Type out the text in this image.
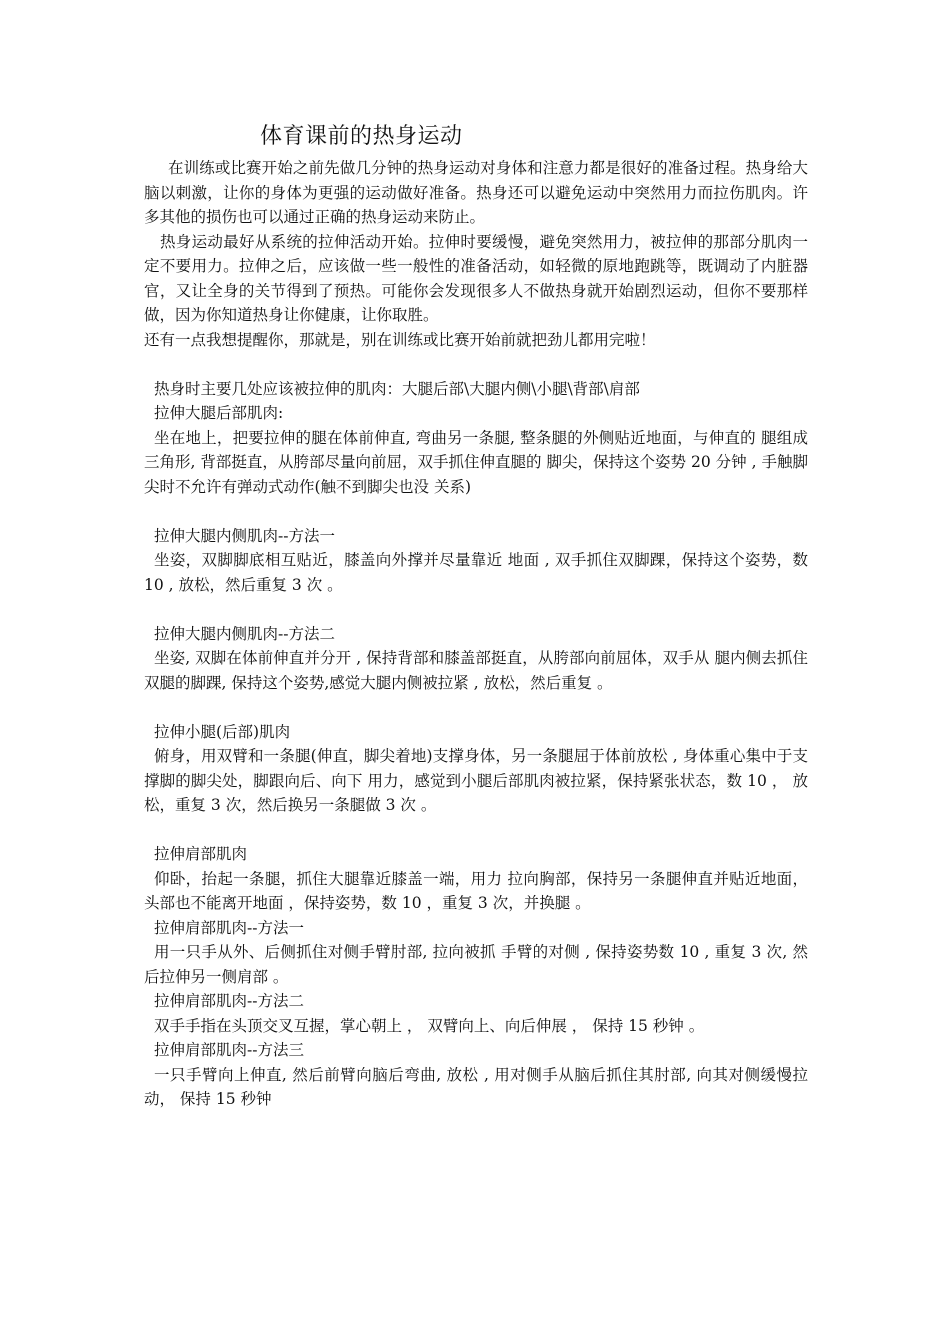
体育课前的热身运动

在训练或比赛开始之前先做几分钟的热身运动对身体和注意力都是很好的准备过程。热身给大脑以刺激，让你的身体为更强的运动做好准备。热身还可以避免运动中突然用力而拉伤肌肉。许多其他的损伤也可以通过正确的热身运动来防止。

热身运动最好从系统的拉伸活动开始。拉伸时要缓慢，避免突然用力，被拉伸的那部分肌肉一定不要用力。拉伸之后，应该做一些一般性的准备活动，如轻微的原地跑跳等，既调动了内脏器官，又让全身的关节得到了预热。可能你会发现很多人不做热身就开始剧烈运动，但你不要那样做，因为你知道热身让你健康，让你取胜。

还有一点我想提醒你，那就是，别在训练或比赛开始前就把劲儿都用完啦！

热身时主要几处应该被拉伸的肌肉：大腿后部\大腿内侧\小腿\背部\肩部

拉伸大腿后部肌肉:

坐在地上，把要拉伸的腿在体前伸直, 弯曲另一条腿, 整条腿的外侧贴近地面，与伸直的 腿组成三角形, 背部挺直，从胯部尽量向前屈，双手抓住伸直腿的 脚尖，保持这个姿势 20 分钟 , 手触脚尖时不允许有弹动式动作(触不到脚尖也没 关系)

拉伸大腿内侧肌肉--方法一

坐姿，双脚脚底相互贴近，膝盖向外撑并尽量靠近 地面 , 双手抓住双脚踝，保持这个姿势，数 10 , 放松，然后重复 3 次 。

拉伸大腿内侧肌肉--方法二

坐姿, 双脚在体前伸直并分开 , 保持背部和膝盖部挺直，从胯部向前屈体，双手从 腿内侧去抓住双腿的脚踝, 保持这个姿势,感觉大腿内侧被拉紧 , 放松，然后重复 。

拉伸小腿(后部)肌肉

俯身，用双臂和一条腿(伸直，脚尖着地)支撑身体，另一条腿屈于体前放松 , 身体重心集中于支撑脚的脚尖处，脚跟向后、向下 用力，感觉到小腿后部肌肉被拉紧，保持紧张状态，数 10 ， 放松，重复 3 次，然后换另一条腿做 3 次 。

拉伸肩部肌肉

仰卧，抬起一条腿，抓住大腿靠近膝盖一端，用力 拉向胸部，保持另一条腿伸直并贴近地面，头部也不能离开地面 ，保持姿势，数 10 ，重复 3 次，并换腿 。

拉伸肩部肌肉--方法一

用一只手从外、后侧抓住对侧手臂肘部, 拉向被抓 手臂的对侧 , 保持姿势数 10 , 重复 3 次, 然后拉伸另一侧肩部 。

拉伸肩部肌肉--方法二

双手手指在头顶交叉互握，掌心朝上 ， 双臂向上、向后伸展 ， 保持 15 秒钟 。

拉伸肩部肌肉--方法三

一只手臂向上伸直, 然后前臂向脑后弯曲, 放松 , 用对侧手从脑后抓住其肘部, 向其对侧缓慢拉动， 保持 15 秒钟
